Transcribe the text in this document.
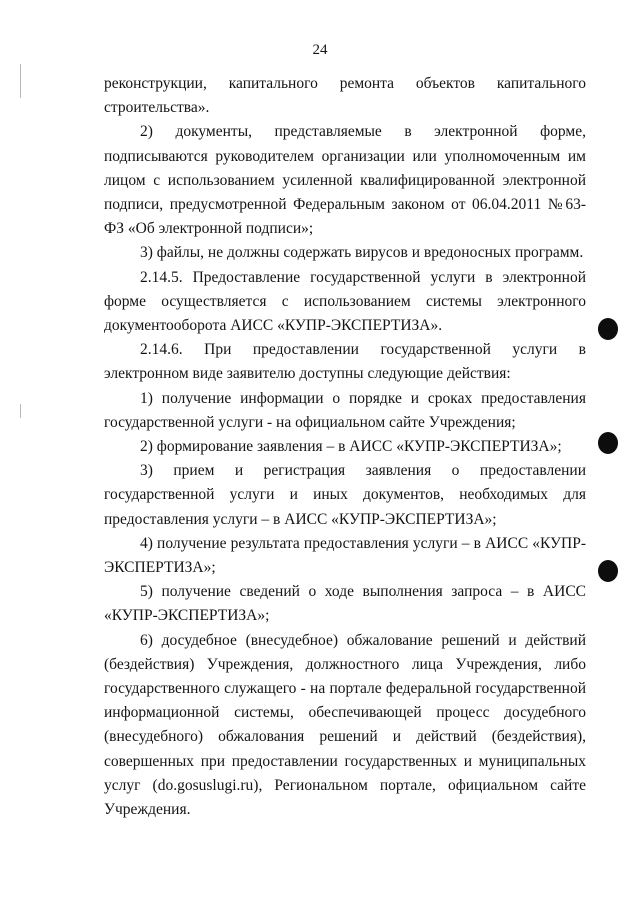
24

реконструкции, капитального ремонта объектов капитального строительства».

2) документы, представляемые в электронной форме, подписываются руководителем организации или уполномоченным им лицом с использованием усиленной квалифицированной электронной подписи, предусмотренной Федеральным законом от 06.04.2011 №63-ФЗ «Об электронной подписи»;

3) файлы, не должны содержать вирусов и вредоносных программ.

2.14.5. Предоставление государственной услуги в электронной форме осуществляется с использованием системы электронного документооборота АИСС «КУПР-ЭКСПЕРТИЗА».

2.14.6. При предоставлении государственной услуги в электронном виде заявителю доступны следующие действия:

1) получение информации о порядке и сроках предоставления государственной услуги - на официальном сайте Учреждения;

2) формирование заявления – в АИСС «КУПР-ЭКСПЕРТИЗА»;

3) прием и регистрация заявления о предоставлении государственной услуги и иных документов, необходимых для предоставления услуги – в АИСС «КУПР-ЭКСПЕРТИЗА»;

4) получение результата предоставления услуги – в АИСС «КУПР-ЭКСПЕРТИЗА»;

5) получение сведений о ходе выполнения запроса – в АИСС «КУПР-ЭКСПЕРТИЗА»;

6) досудебное (внесудебное) обжалование решений и действий (бездействия) Учреждения, должностного лица Учреждения, либо государственного служащего - на портале федеральной государственной информационной системы, обеспечивающей процесс досудебного (внесудебного) обжалования решений и действий (бездействия), совершенных при предоставлении государственных и муниципальных услуг (do.gosuslugi.ru), Региональном портале, официальном сайте Учреждения.
